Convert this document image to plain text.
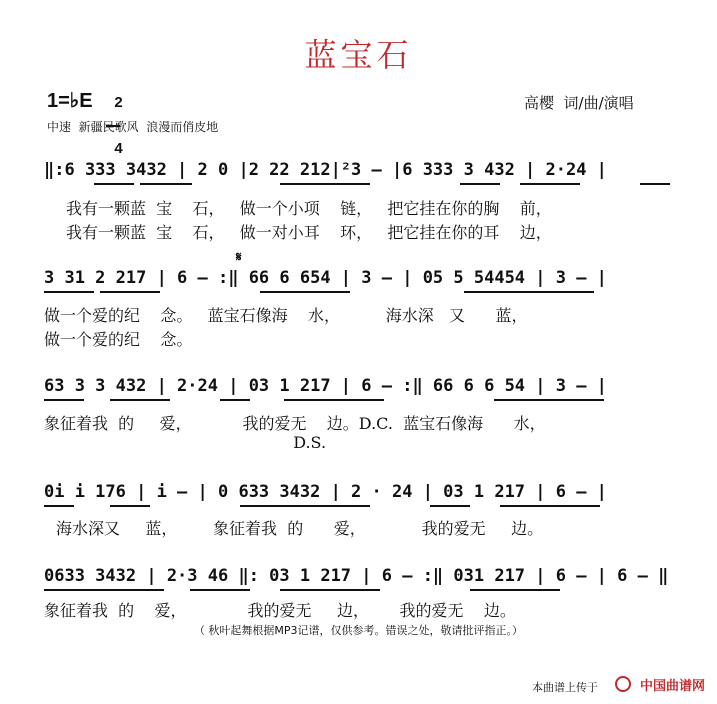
蓝宝石
1=♭E	2

4

中速  新疆民歌风  浪漫而俏皮地
高樱  词/曲/演唱
‖:6 333 3432 | 2 0 |2 22 212|²3 – |6 333 3 432 | 2·24 |
我有一颗蓝  宝    石，   做一个小项    链，   把它挂在你的胸    前，
我有一颗蓝  宝    石，   做一对小耳    环，   把它挂在你的耳    边，
3 31 2 217 | 6 – :‖ 66 6 654 | 3 – | 05 5 54454 | 3 – |
𝄋
做一个爱的纪    念。   蓝宝石像海    水，         海水深   又      蓝，
做一个爱的纪    念。
63 3 3 432 | 2·24 | 03 1 217 | 6 – :‖ 66 6 6 54 | 3 – |
象征着我  的     爱，          我的爱无    边。D.C.  蓝宝石像海      水，
D.S.
0i i 176 | i – | 0 633 3432 | 2 · 24 | 03 1 217 | 6 – |
海水深又     蓝，       象征着我  的      爱，           我的爱无     边。
0633 3432 | 2·3 46 ‖: 03 1 217 | 6 – :‖ 031 217 | 6 – | 6 – ‖
象征着我  的    爱，            我的爱无     边，      我的爱无    边。
（ 秋叶起舞根据MP3记谱，仅供参考。错误之处，敬请批评指正。）
本曲谱上传于	中国曲谱网
